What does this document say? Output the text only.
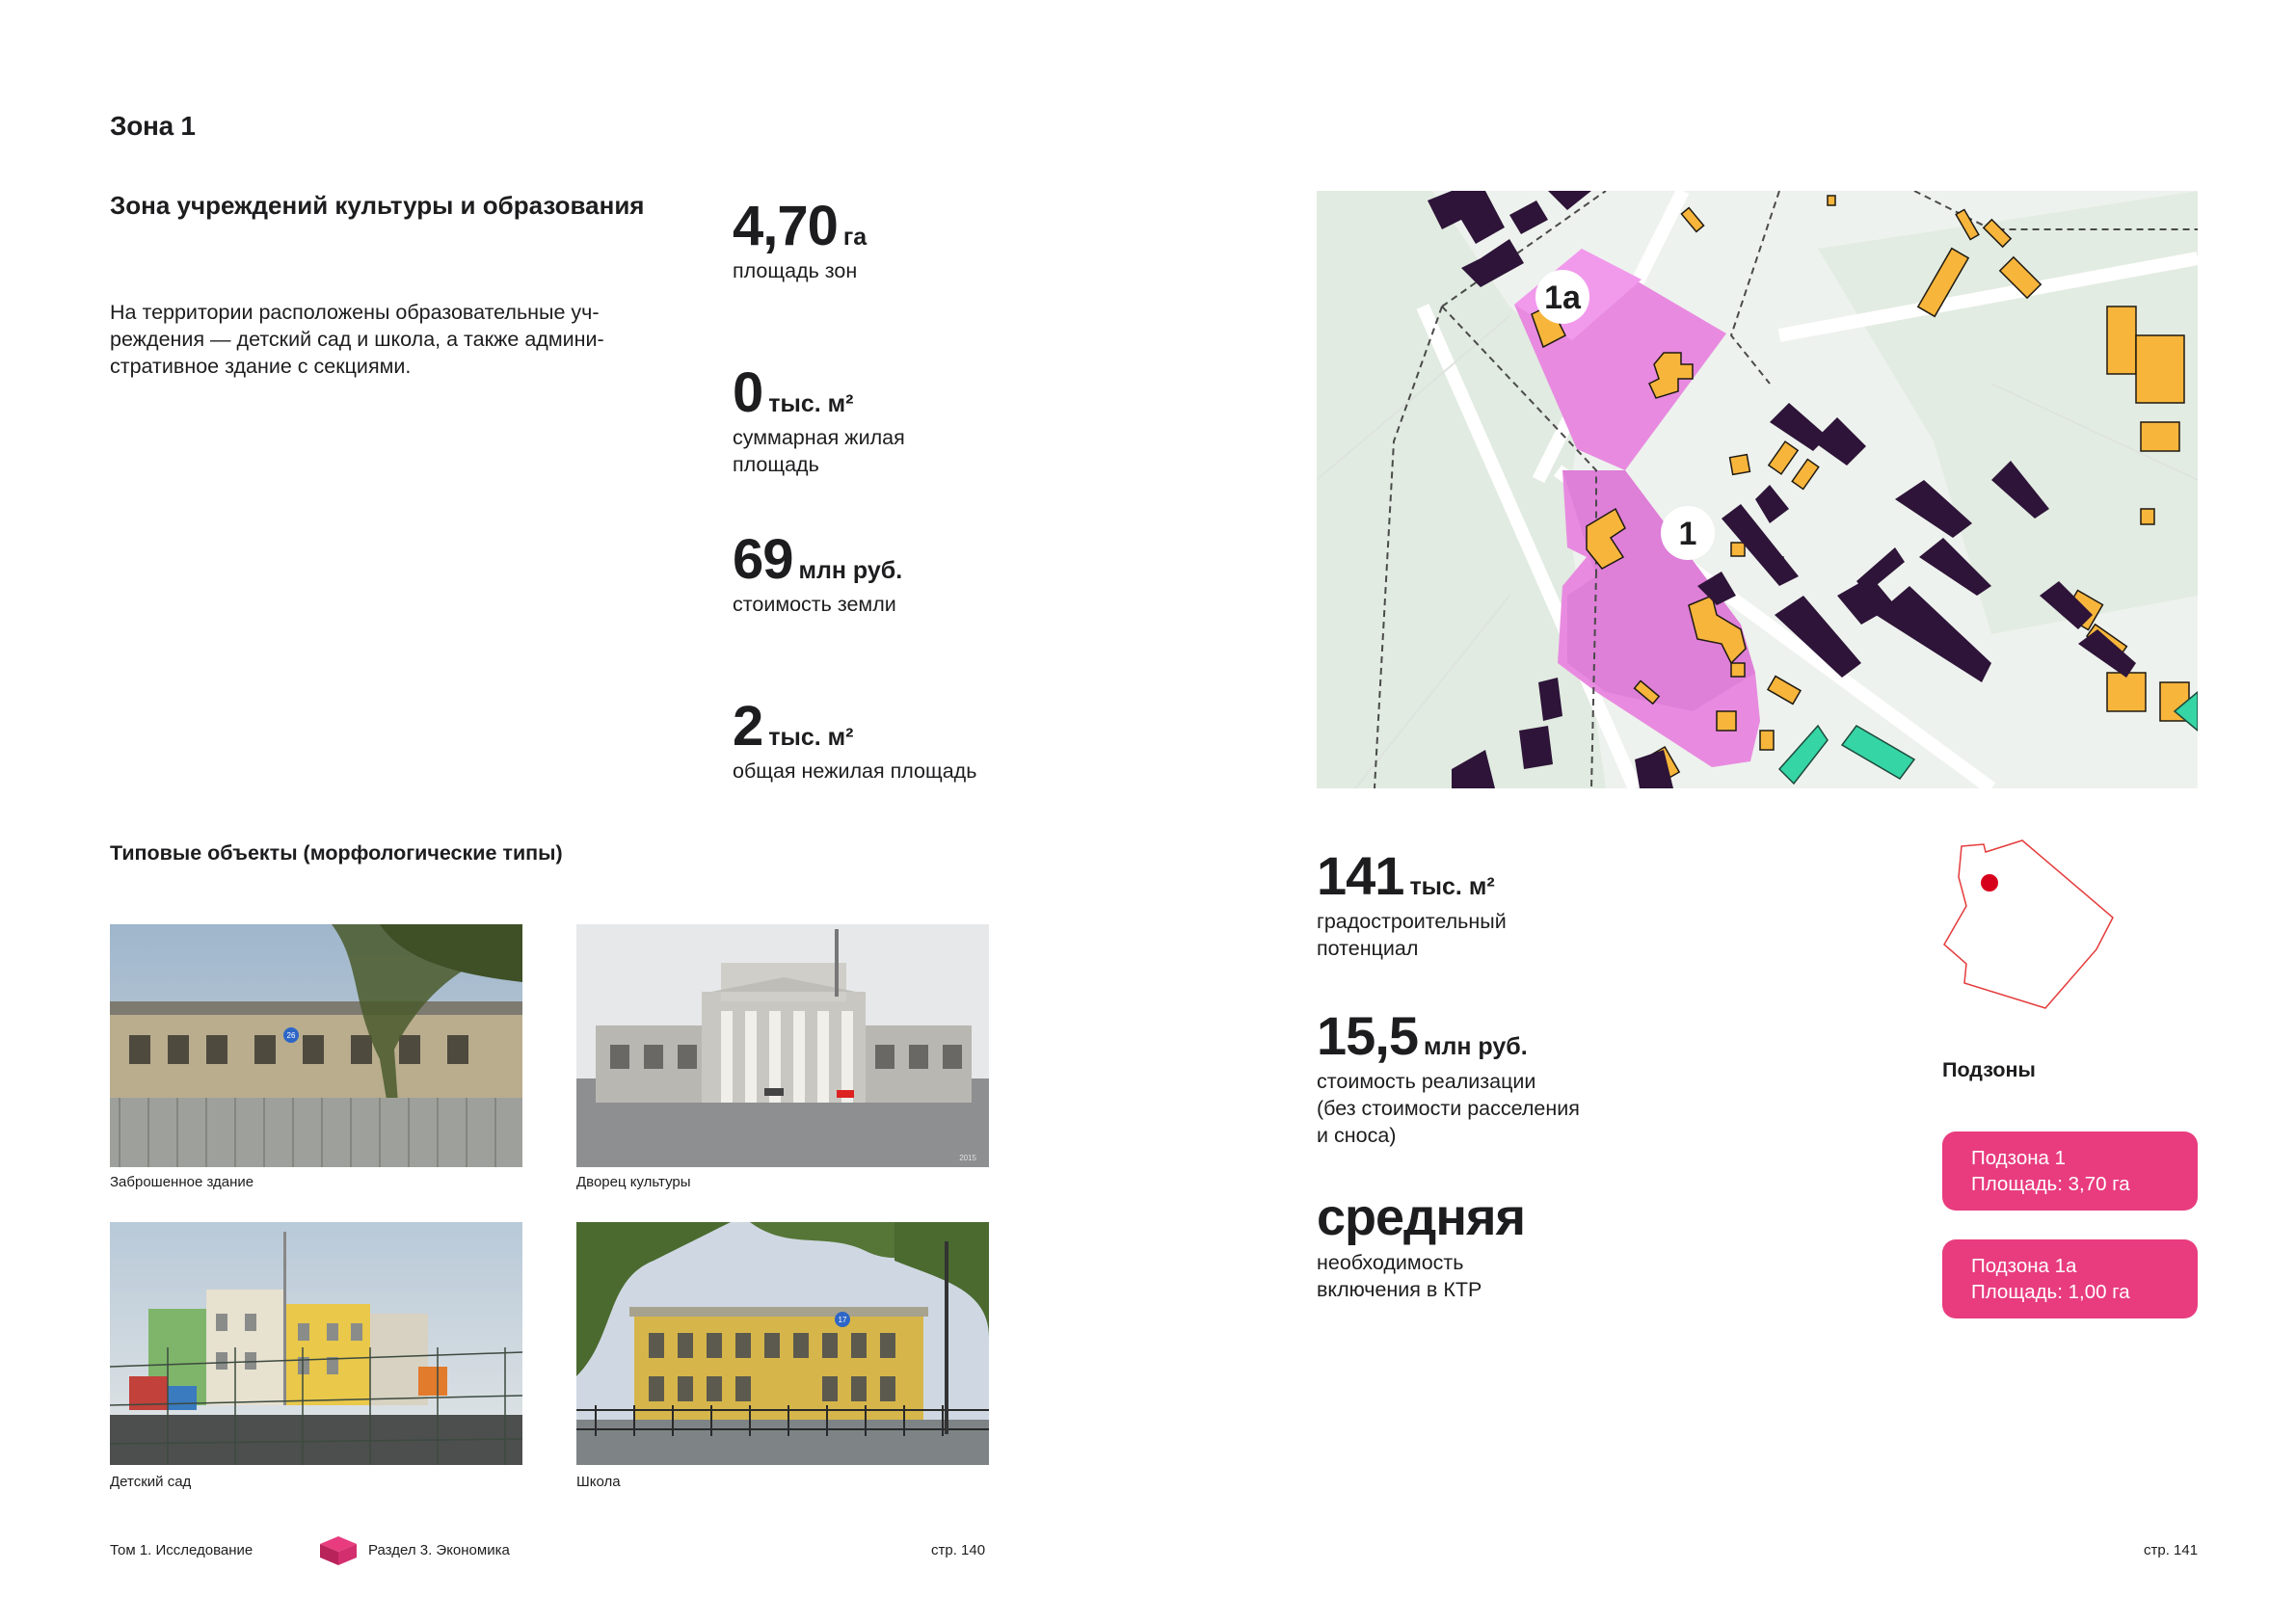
Зона 1
Зона учреждений культуры и образования
На территории расположены образовательные уч-
реждения — детский сад и школа, а также админи-
стративное здание с секциями.
4,70 га
площадь зон
0 тыс. м²
суммарная жилая
площадь
69 млн руб.
стоимость земли
2 тыс. м²
общая нежилая площадь
Типовые объекты (морфологические типы)
26
Заброшенное здание
2015
Дворец культуры
Детский сад
17
Школа
Том 1. Исследование	Раздел 3. Экономика	стр. 140
1а
1
141 тыс. м²
градостроительный
потенциал
15,5 млн руб.
стоимость реализации
(без стоимости расселения
и сноса)
средняя
необходимость
включения в КТР
Подзоны
Подзона 1
Площадь: 3,70 га
Подзона 1а
Площадь: 1,00 га
стр. 141
